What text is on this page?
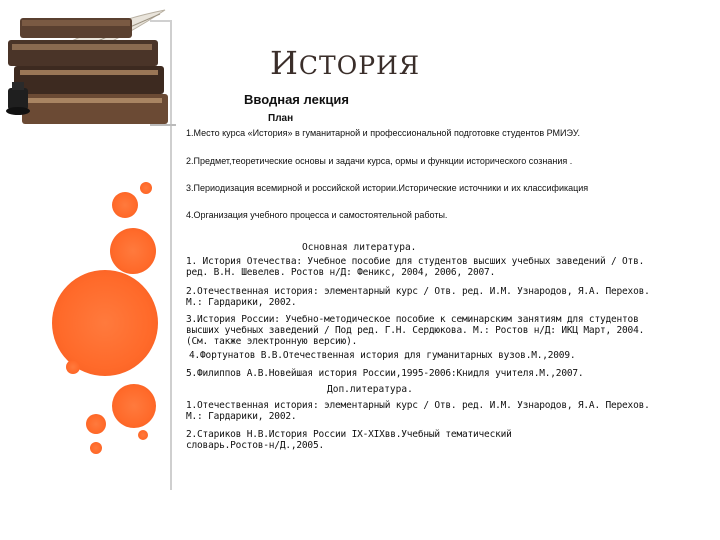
ИСТОРИЯ
Вводная лекция
План
1.Место курса «История» в гуманитарной и профессиональной подготовке студентов РМИЭУ.
2.Предмет,теоретические основы и задачи курса, ормы и функции исторического сознания .
3.Периодизация всемирной и российской истории.Исторические источники и их классификация
4.Организация учебного процесса и самостоятельной работы.
Основная литература.
1. История Отечества: Учебное пособие для студентов высших учебных заведений / Отв. ред. В.Н. Шевелев. Ростов н/Д: Феникс, 2004, 2006, 2007.
2.Отечественная история: элементарный курс / Отв. ред. И.М. Узнародов, Я.А. Перехов. М.: Гардарики, 2002.
3.История России: Учебно-методическое пособие к семинарским занятиям для студентов высших учебных заведений / Под ред. Г.Н. Сердюкова. М.: Ростов н/Д: ИКЦ Март, 2004. (См. также электронную версию).
4.Фортунатов В.В.Отечественная история для гуманитарных вузов.М.,2009.
5.Филиппов А.В.Новейшая история России,1995-2006:Книдля учителя.М.,2007.
Доп.литература.
1.Отечественная история: элементарный курс / Отв. ред. И.М. Узнародов, Я.А. Перехов. М.: Гардарики, 2002.
2.Стариков Н.В.История России IX-XIXвв.Учебный тематический словарь.Ростов-н/Д.,2005.
